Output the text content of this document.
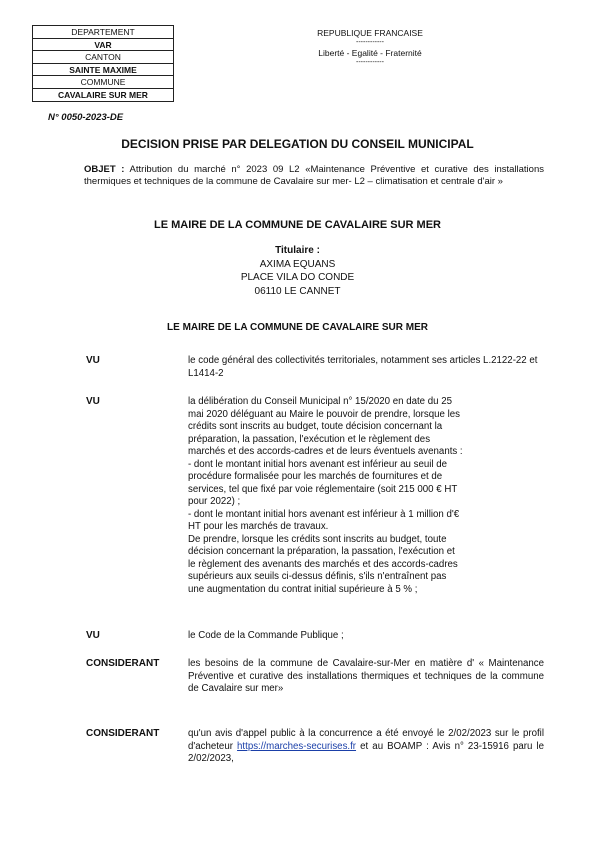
DEPARTEMENT
VAR
CANTON
SAINTE MAXIME
COMMUNE
CAVALAIRE SUR MER
REPUBLIQUE FRANCAISE
------------
Liberté - Egalité - Fraternité
------------
N° 0050-2023-DE
DECISION PRISE PAR DELEGATION DU CONSEIL MUNICIPAL
OBJET : Attribution du marché n° 2023 09 L2 «Maintenance Préventive et curative des installations thermiques et techniques de la commune de Cavalaire sur mer- L2 – climatisation et centrale d'air »
LE MAIRE DE LA COMMUNE DE CAVALAIRE SUR MER
Titulaire :
AXIMA EQUANS
PLACE VILA DO CONDE
06110 LE CANNET
LE MAIRE DE LA COMMUNE DE CAVALAIRE SUR MER
VU	le code général des collectivités territoriales, notamment ses articles L.2122-22 et L1414-2
VU	la délibération du Conseil Municipal n° 15/2020 en date du 25
mai 2020 déléguant au Maire le pouvoir de prendre, lorsque les
crédits sont inscrits au budget, toute décision concernant la
préparation, la passation, l'exécution et le règlement des
marchés et des accords-cadres et de leurs éventuels avenants :
- dont le montant initial hors avenant est inférieur au seuil de
procédure formalisée pour les marchés de fournitures et de
services, tel que fixé par voie réglementaire (soit 215 000 € HT
pour 2022) ;
- dont le montant initial hors avenant est inférieur à 1 million d'€
HT pour les marchés de travaux.
De prendre, lorsque les crédits sont inscrits au budget, toute
décision concernant la préparation, la passation, l'exécution et
le règlement des avenants des marchés et des accords-cadres
supérieurs aux seuils ci-dessus définis, s'ils n'entraînent pas
une augmentation du contrat initial supérieure à 5 % ;
VU	le Code de la Commande Publique ;
CONSIDERANT	les besoins de la commune de Cavalaire-sur-Mer en matière d' « Maintenance Préventive et curative des installations thermiques et techniques de la commune de Cavalaire sur mer»
CONSIDERANT	qu'un avis d'appel public à la concurrence a été envoyé le 2/02/2023 sur le profil d'acheteur https://marches-securises.fr et au BOAMP : Avis n° 23-15916 paru le 2/02/2023,
